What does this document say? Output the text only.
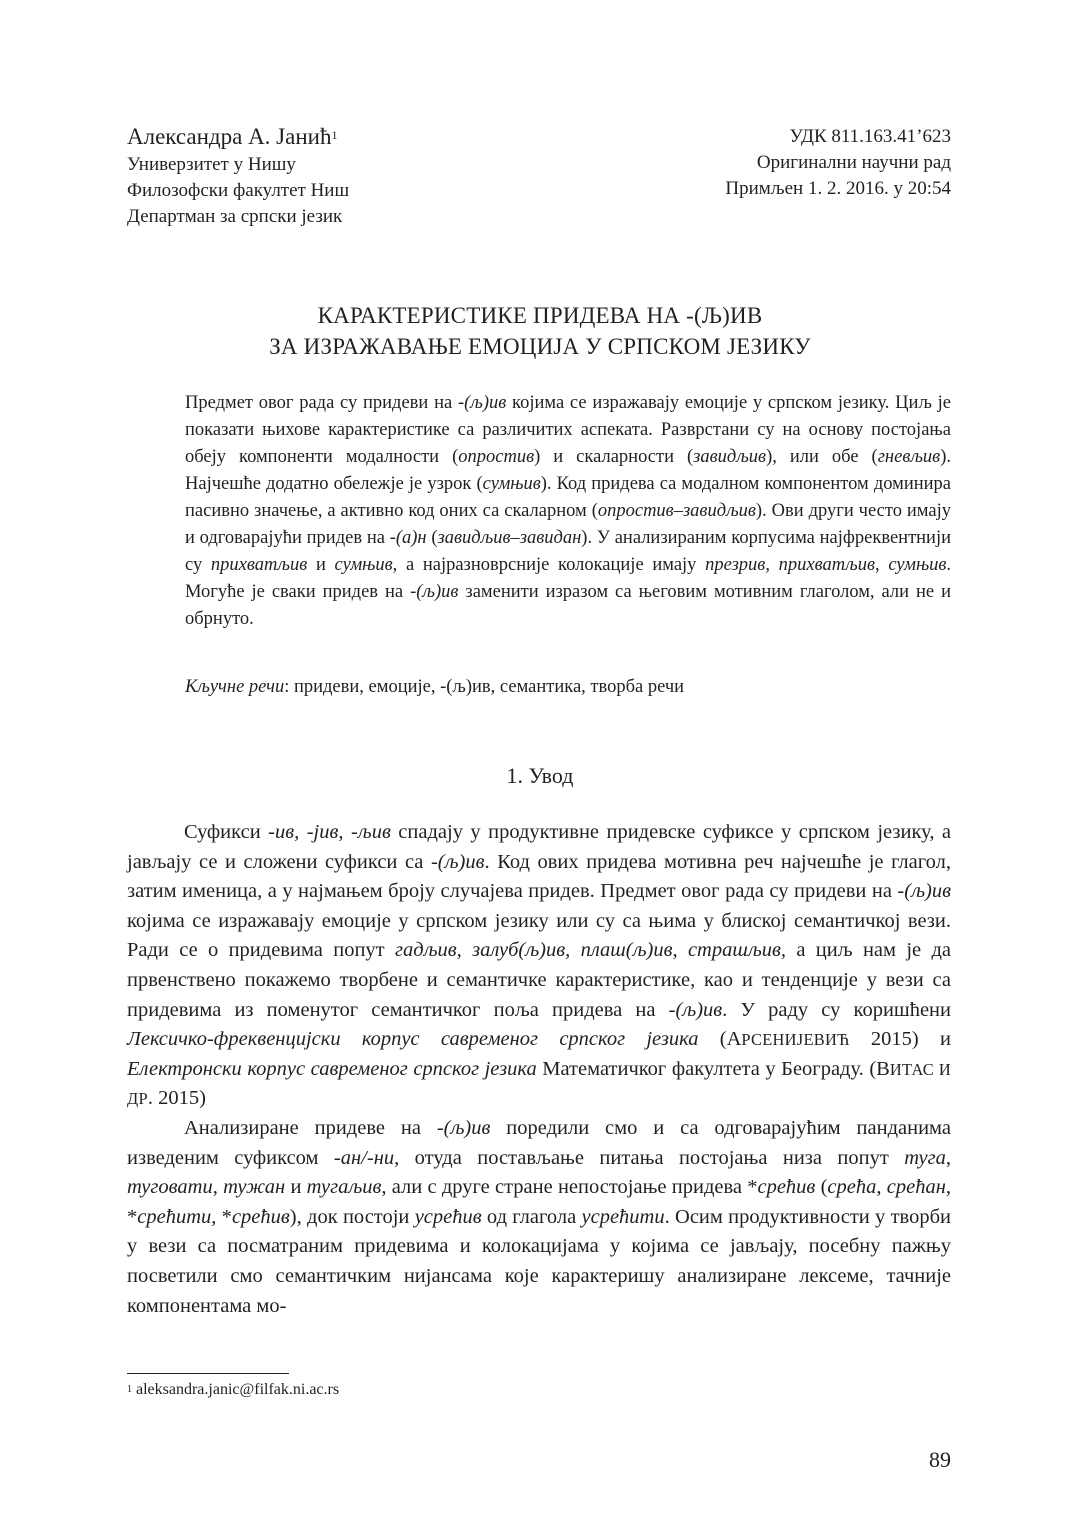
Александра А. Јанић$^1$
Универзитет у Нишу
Филозофски факултет Ниш
Департман за српски језик
УДК 811.163.41’623
Оригинални научни рад
Примљен 1. 2. 2016. у 20:54
КАРАКТЕРИСТИКЕ ПРИДЕВА НА -(Љ)ИВ
ЗА ИЗРАЖАВАЊЕ ЕМОЦИЈА У СРПСКОМ ЈЕЗИКУ

Предмет овог рада су придеви на -(љ)ив којима се изражавају емоције у српском језику. Циљ је показати њихове карактеристике са различитих аспеката. Разврстани су на основу постојања обеју компоненти модалности (опростив) и скаларности (завидљив), или обе (гневљив). Најчешће додатно обележје је узрок (сумњив). Код придева са модалном компонентом доминира пасивно значење, а активно код оних са скаларном (опростив–завидљив). Ови други често имају и одговарајући придев на -(а)н (завидљив–завидан). У анализираним корпусима најфреквентнији су прихватљив и сумњив, а најразноврсније колокације имају презрив, прихватљив, сумњив. Могуће је сваки придев на -(љ)ив заменити изразом са његовим мотивним глаголом, али не и обрнуто.

Кључне речи: придеви, емоције, -(љ)ив, семантика, творба речи
1. Увод

Суфикси -ив, -јив, -љив спадају у продуктивне придевске суфиксе у српском језику, а јављају се и сложени суфикси са -(љ)ив. Код ових придева мотивна реч најчешће је глагол, затим именица, а у најмањем броју случајева придев. Предмет овог рада су придеви на -(љ)ив којима се изражавају емоције у српском језику или су са њима у блиској семантичкој вези. Ради се о придевима попут гадљив, залуб(љ)ив, плаш(љ)ив, страшљив, а циљ нам је да првенствено покажемо творбене и семантичке карактеристике, као и тенденције у вези са придевима из поменутог семантичког поља придева на -(љ)ив. У раду су коришћени Лексичко-фреквенцијски корпус савременог српског језика (АРСЕНИЈЕВИЋ 2015) и Електронски корпус савременог српског језика Математичког факултета у Београду. (ВИТАС И ДР. 2015)

Анализиране придеве на -(љ)ив поредили смо и са одговарајућим панданима изведеним суфиксом -ан/-ни, отуда постављање питања постојања низа попут туга, туговати, тужан и тугаљив, али с друге стране непостојање придева *срећив (срећа, срећан, *срећити, *срећив), док постоји усрећив од глагола усрећити. Осим продуктивности у творби у вези са посматраним придевима и колокацијама у којима се јављају, посебну пажњу посветили смо семантичким нијансама које карактеришу анализиране лексеме, тачније компонентама мо-

$^1$ aleksandra.janic@filfak.ni.ac.rs
89
